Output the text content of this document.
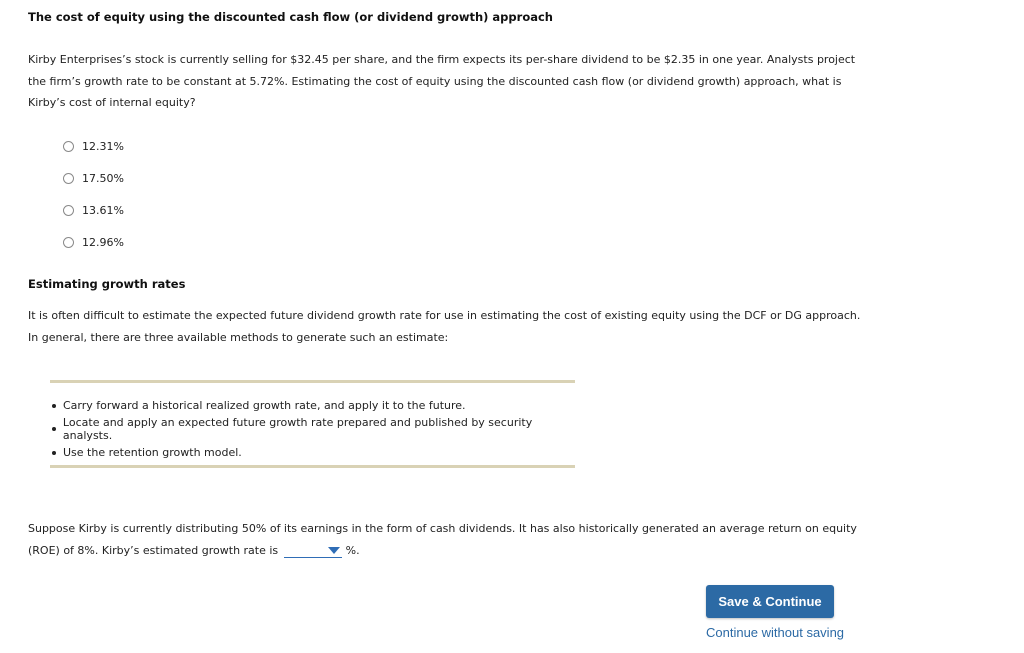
The cost of equity using the discounted cash flow (or dividend growth) approach
Kirby Enterprises’s stock is currently selling for $32.45 per share, and the firm expects its per-share dividend to be $2.35 in one year. Analysts project the firm’s growth rate to be constant at 5.72%. Estimating the cost of equity using the discounted cash flow (or dividend growth) approach, what is Kirby’s cost of internal equity?
12.31%
17.50%
13.61%
12.96%
Estimating growth rates
It is often difficult to estimate the expected future dividend growth rate for use in estimating the cost of existing equity using the DCF or DG approach. In general, there are three available methods to generate such an estimate:
Carry forward a historical realized growth rate, and apply it to the future.
Locate and apply an expected future growth rate prepared and published by security analysts.
Use the retention growth model.
Suppose Kirby is currently distributing 50% of its earnings in the form of cash dividends. It has also historically generated an average return on equity (ROE) of 8%. Kirby’s estimated growth rate is	%.
Save & Continue
Continue without saving
